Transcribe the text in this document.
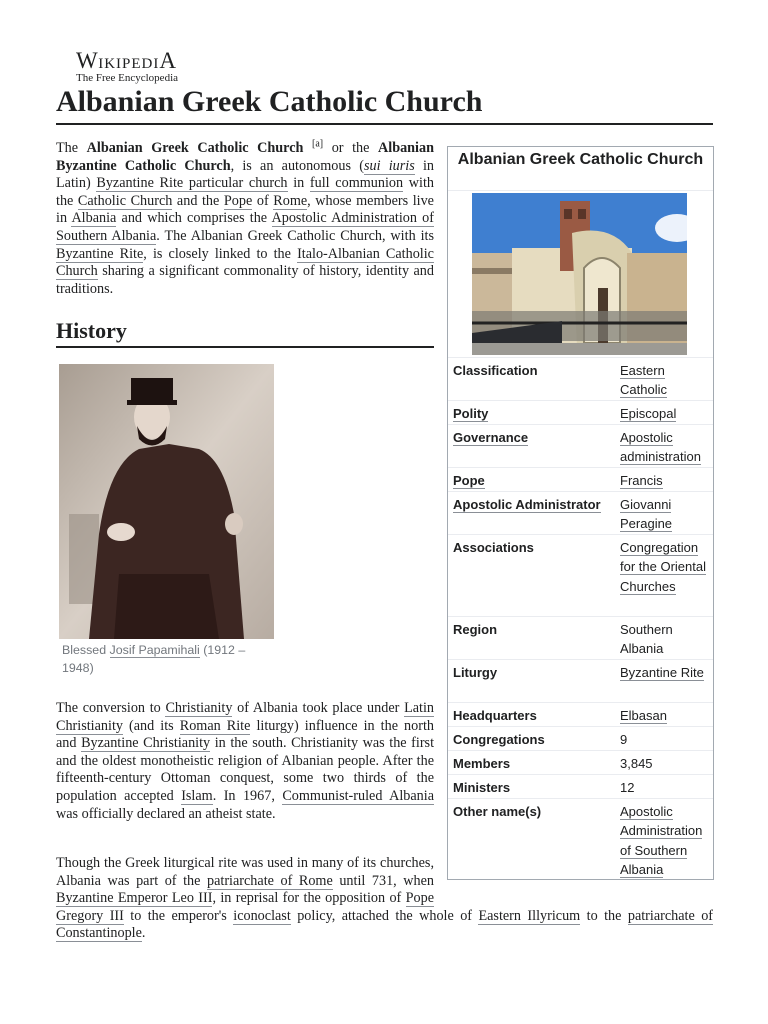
WikipediA
The Free Encyclopedia
Albanian Greek Catholic Church
The Albanian Greek Catholic Church [a] or the Albanian Byzantine Catholic Church, is an autonomous (sui iuris in Latin) Byzantine Rite particular church in full communion with the Catholic Church and the Pope of Rome, whose members live in Albania and which comprises the Apostolic Administration of Southern Albania. The Albanian Greek Catholic Church, with its Byzantine Rite, is closely linked to the Italo-Albanian Catholic Church sharing a significant commonality of history, identity and traditions.
History
Blessed Josif Papamihali (1912 – 1948)
The conversion to Christianity of Albania took place under Latin Christianity (and its Roman Rite liturgy) influence in the north and Byzantine Christianity in the south. Christianity was the first and the oldest monotheistic religion of Albanian people. After the fifteenth-century Ottoman conquest, some two thirds of the population accepted Islam. In 1967, Communist-ruled Albania was officially declared an atheist state.
Though the Greek liturgical rite was used in many of its churches, Albania was part of the patriarchate of Rome until 731, when Byzantine Emperor Leo III, in reprisal for the opposition of Pope Gregory III to the emperor's iconoclast policy, attached the whole of Eastern Illyricum to the patriarchate of Constantinople.
Albanian Greek Catholic Church
Classification	Eastern Catholic
Polity	Episcopal
Governance	Apostolic administration
Pope	Francis
Apostolic Administrator	Giovanni Peragine
Associations	Congregation for the Oriental Churches
Region	Southern Albania
Liturgy	Byzantine Rite
Headquarters	Elbasan
Congregations	9
Members	3,845
Ministers	12
Other name(s)	Apostolic Administration of Southern Albania
